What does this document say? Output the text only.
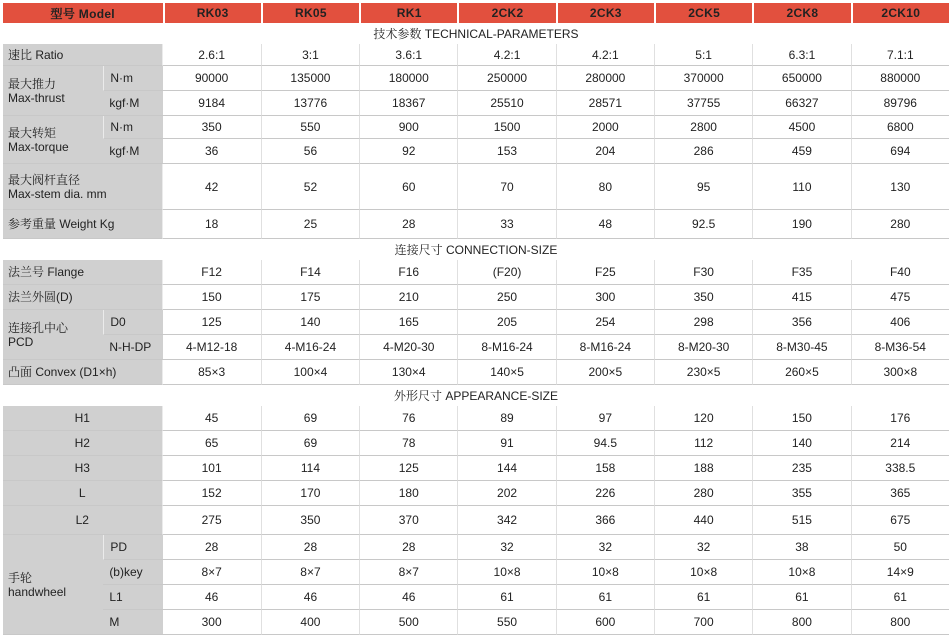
型号 Model		RK03	RK05	RK1	2CK2	2CK3	2CK5	2CK8	2CK10
技术参数 TECHNICAL-PARAMETERS									
速比 Ratio		2.6:1	3:1	3.6:1	4.2:1	4.2:1	5:1	6.3:1	7.1:1

最大推力
Max-thrust	N·m	90000	135000	180000	250000	280000	370000	650000	880000
	kgf·M	9184	13776	18367	25510	28571	37755	66327	89796

最大转矩
Max-torque	N·m	350	550	900	1500	2000	2800	4500	6800
	kgf·M	36	56	92	153	204	286	459	694

最大阀杆直径
Max-stem dia. mm		42	52	60	70	80	95	110	130
参考重量 Weight Kg		18	25	28	33	48	92.5	190	280
连接尺寸 CONNECTION-SIZE									
法兰号 Flange		F12	F14	F16	(F20)	F25	F30	F35	F40
法兰外圆(D)		150	175	210	250	300	350	415	475

连接孔中心
PCD	D0	125	140	165	205	254	298	356	406
	N-H-DP	4-M12-18	4-M16-24	4-M20-30	8-M16-24	8-M16-24	8-M20-30	8-M30-45	8-M36-54
凸面 Convex (D1×h)		85×3	100×4	130×4	140×5	200×5	230×5	260×5	300×8
外形尺寸 APPEARANCE-SIZE									
H1		45	69	76	89	97	120	150	176
H2		65	69	78	91	94.5	112	140	214
H3		101	114	125	144	158	188	235	338.5
L		152	170	180	202	226	280	355	365
L2		275	350	370	342	366	440	515	675

手轮
handwheel	PD	28	28	28	32	32	32	38	50
	(b)key	8×7	8×7	8×7	10×8	10×8	10×8	10×8	14×9
	L1	46	46	46	61	61	61	61	61
	M	300	400	500	550	600	700	800	800
